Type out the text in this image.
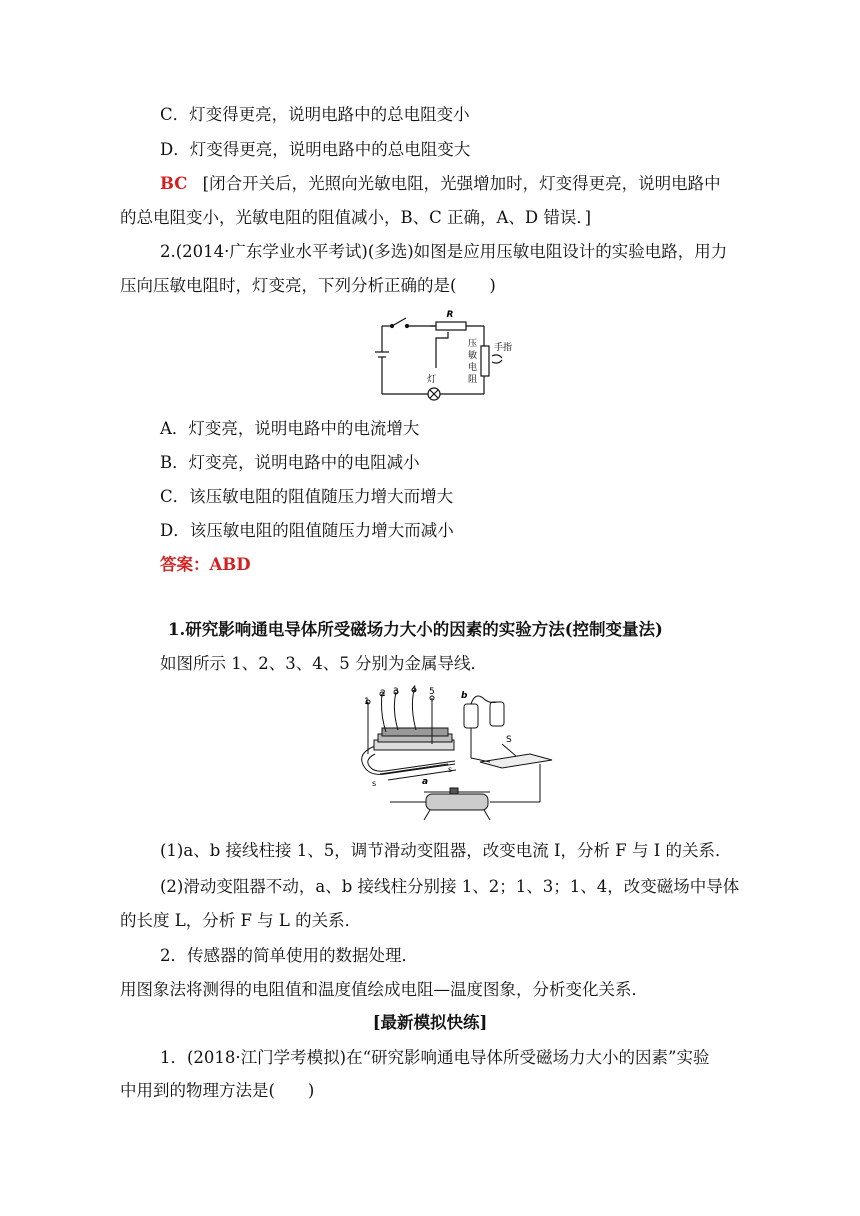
C．灯变得更亮，说明电路中的总电阻变小
D．灯变得更亮，说明电路中的总电阻变大
BC [闭合开关后，光照向光敏电阻，光强增加时，灯变得更亮，说明电路中
的总电阻变小，光敏电阻的阻值减小，B、C 正确，A、D 错误．]
2.(2014·广东学业水平考试)(多选)如图是应用压敏电阻设计的实验电路，用力
压向压敏电阻时，灯变亮，下列分析正确的是(　　)
R
手指
压
敏
电
阻
灯
A．灯变亮，说明电路中的电流增大
B．灯变亮，说明电路中的电阻减小
C．该压敏电阻的阻值随压力增大而增大
D．该压敏电阻的阻值随压力增大而减小
答案：ABD
1.研究影响通电导体所受磁场力大小的因素的实验方法(控制变量法)
如图所示 1、2、3、4、5 分别为金属导线．
1
2 3 4 5	b
S
a
s
s
(1)a、b 接线柱接 1、5，调节滑动变阻器，改变电流 I，分析 F 与 I 的关系．
(2)滑动变阻器不动，a、b 接线柱分别接 1、2；1、3；1、4，改变磁场中导体
的长度 L，分析 F 与 L 的关系．
2．传感器的简单使用的数据处理．
用图象法将测得的电阻值和温度值绘成电阻—温度图象，分析变化关系．
[最新模拟快练]
1．(2018·江门学考模拟)在“研究影响通电导体所受磁场力大小的因素”实验
中用到的物理方法是(　　)
